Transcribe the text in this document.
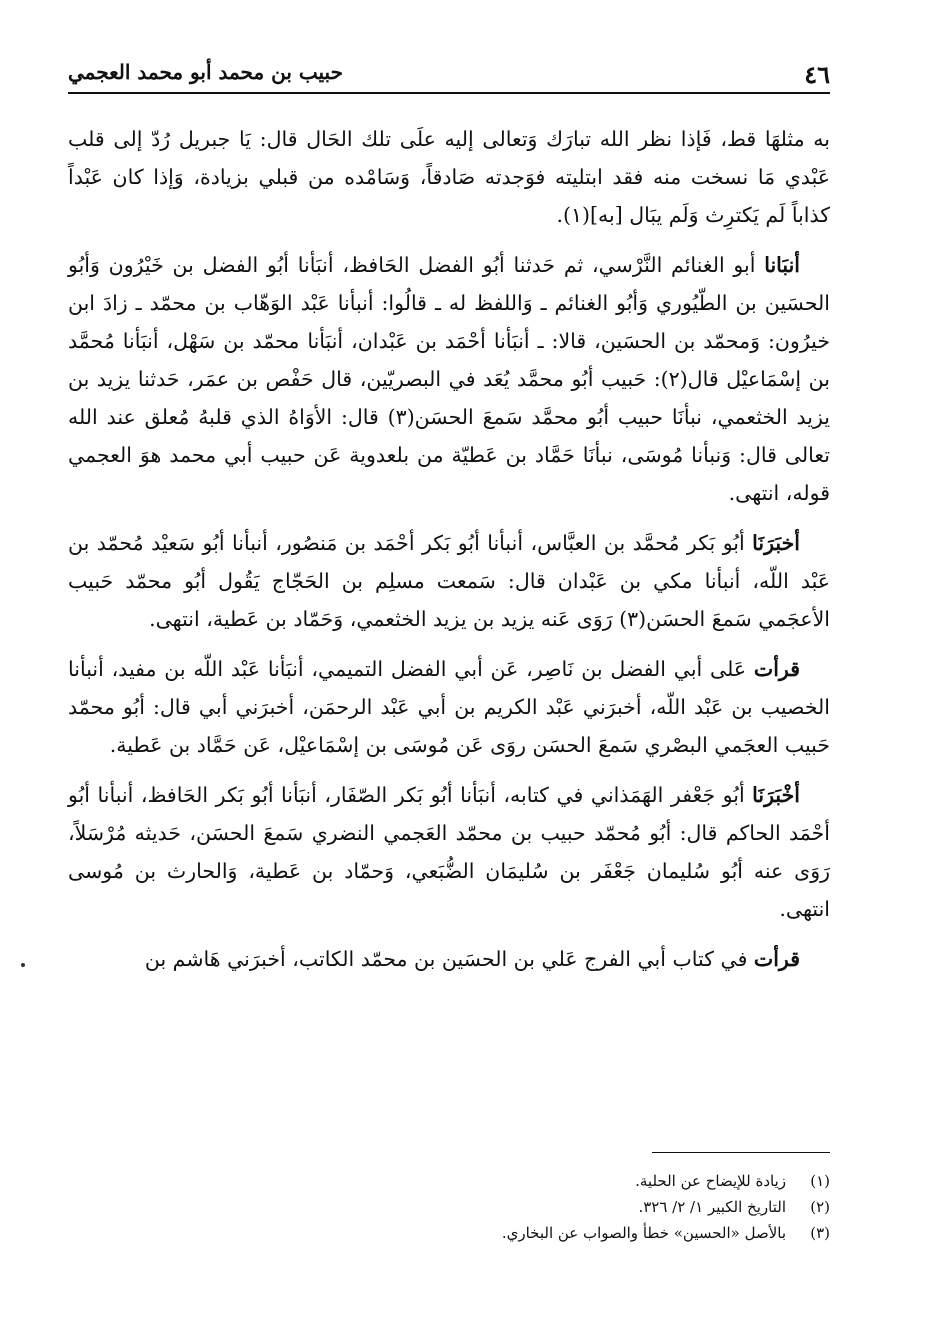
٤٦
حبيب بن محمد أبو محمد العجمي

به مثلهَا قط، فَإذا نظر الله تبارَك وَتعالى إليه علَى تلك الحَال قال: يَا جبريل رُدّ إلى قلب عَبْدي مَا نسخت منه فقد ابتليته فوَجدته صَادقاً، وَسَامْده من قبلي بزيادة، وَإذا كان عَبْداً كذاباً لَم يَكترِث وَلَم يبَال [به](١).

أنبَانا أبو الغنائم النَّرْسي، ثم حَدثنا أبُو الفضل الحَافظ، أنبَأنا أبُو الفضل بن خَيْرُون وَأبُو الحسَين بن الطّيُوري وَأبُو الغنائم ـ وَاللفظ له ـ قالُوا: أنبأنا عَبْد الوَهّاب بن محمّد ـ زادَ ابن خيرُون: وَمحمّد بن الحسَين، قالا: ـ أنبَأنا أحْمَد بن عَبْدان، أنبَأنا محمّد بن سَهْل، أنبَأنا مُحمَّد بن إسْمَاعيْل قال(٢): حَبيب أبُو محمَّد يُعَد في البصريّين، قال حَفْص بن عمَر، حَدثنا يزيد بن يزيد الخثعمي، نبأنَا حبيب أبُو محمَّد سَمعَ الحسَن(٣) قال: الأوَاهُ الذي قلبهُ مُعلق عند الله تعالى قال: وَنبأنا مُوسَى، نبأنَا حَمَّاد بن عَطيّة من بلعدوية عَن حبيب أبي محمد هوَ العجمي قوله، انتهى.

أخبَرَنَا أبُو بَكر مُحمَّد بن العبَّاس، أنبأنا أبُو بَكر أحْمَد بن مَنصُور، أنبأنا أبُو سَعيْد مُحمّد بن عَبْد اللّه، أنبأنا مكي بن عَبْدان قال: سَمعت مسلِم بن الحَجّاج يَقُول أبُو محمّد حَبيب الأعجَمي سَمعَ الحسَن(٣) رَوَى عَنه يزيد بن يزيد الخثعمي، وَحَمّاد بن عَطية، انتهى.

قرأت عَلى أبي الفضل بن نَاصِر، عَن أبي الفضل التميمي، أنبَأنا عَبْد اللّه بن مفيد، أنبأنا الخصيب بن عَبْد اللّه، أخبرَني عَبْد الكريم بن أبي عَبْد الرحمَن، أخبرَني أبي قال: أبُو محمّد حَبيب العجَمي البصْري سَمعَ الحسَن روَى عَن مُوسَى بن إسْمَاعيْل، عَن حَمَّاد بن عَطية.

أخْبَرَنَا أبُو جَعْفر الهَمَذاني في كتابه، أنبَأنا أبُو بَكر الصّفَار، أنبَأنا أبُو بَكر الحَافظ، أنبأنا أبُو أحْمَد الحاكم قال: أبُو مُحمّد حبيب بن محمّد العَجمي النضري سَمعَ الحسَن، حَديثه مُرْسَلاً، رَوَى عنه أبُو سُليمان جَعْفَر بن سُليمَان الضُّبَعي، وَحمّاد بن عَطية، وَالحارث بن مُوسى انتهى.

قرأت في كتاب أبي الفرج عَلي بن الحسَين بن محمّد الكاتب، أخبرَني هَاشم بن

(١)
زيادة للإيضاح عن الحلية.
(٢)
التاريخ الكبير ١/ ٢/ ٣٢٦.
(٣)
بالأصل «الحسين» خطأ والصواب عن البخاري.
